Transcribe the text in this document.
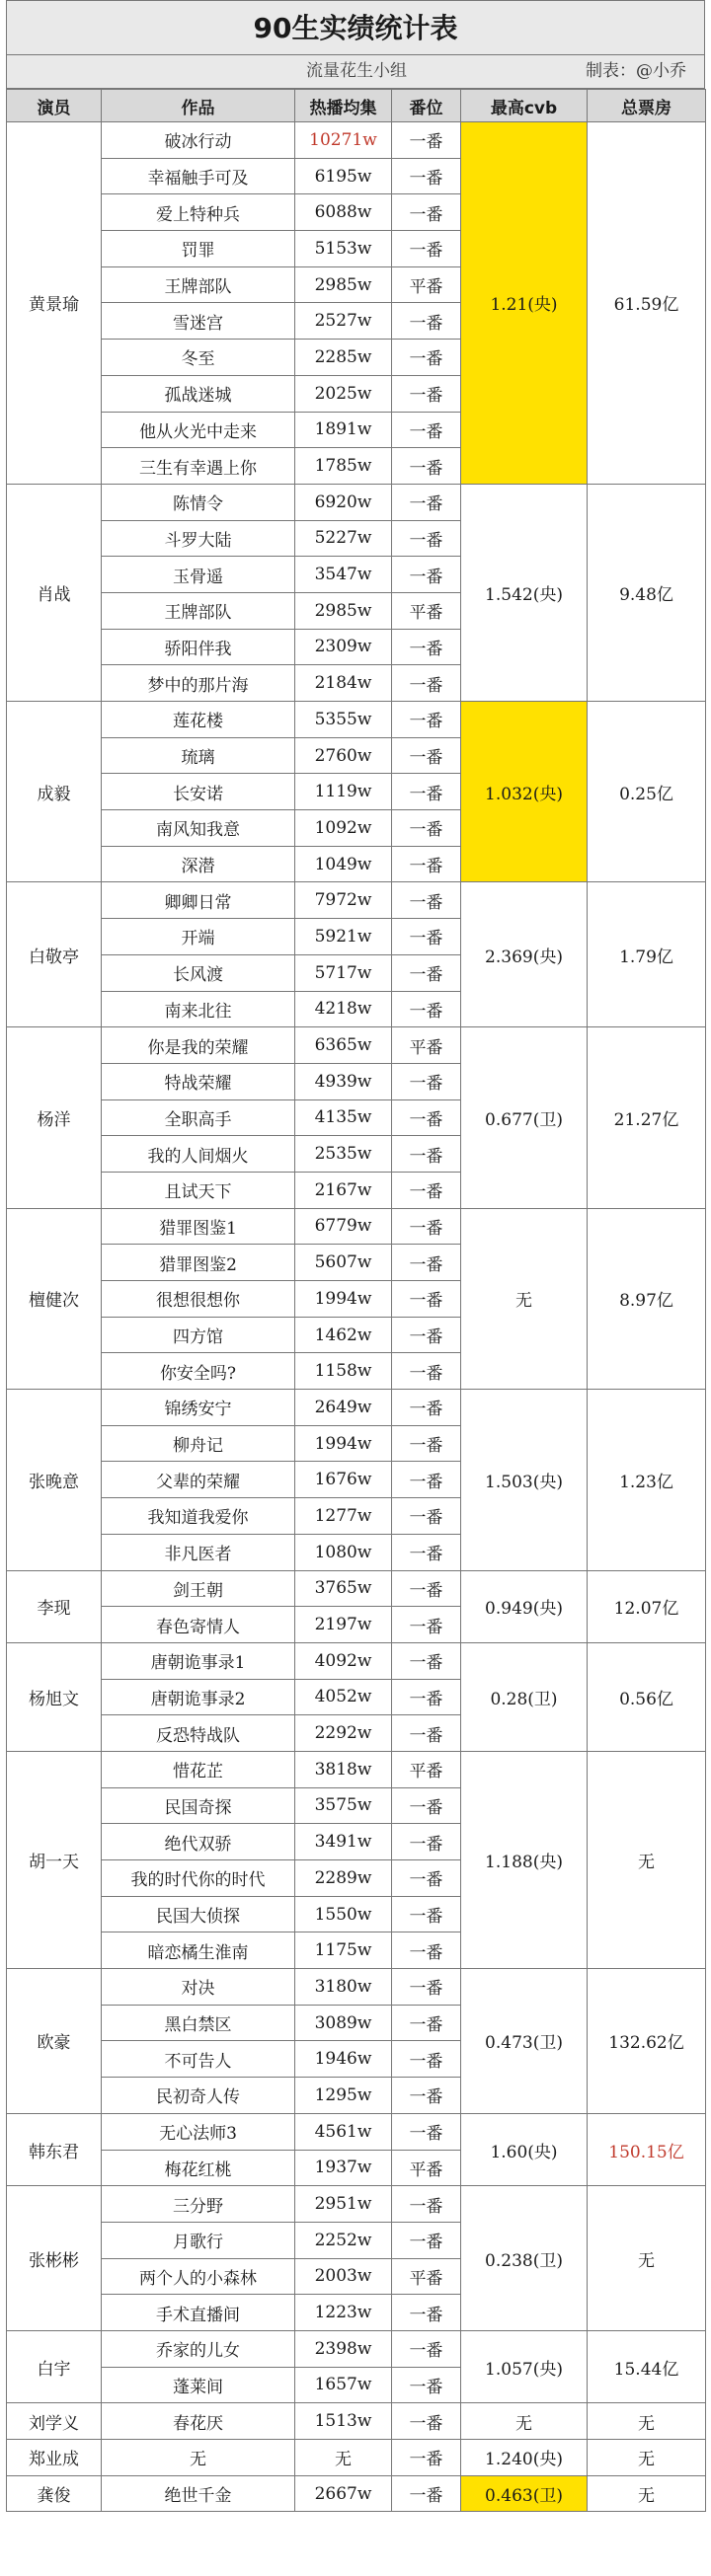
90生实绩统计表
流量花生小组	制表：@小乔
演员	作品	热播均集	番位	最高cvb	总票房
黄景瑜	破冰行动	10271w	一番	1.21(央)	61.59亿
	幸福触手可及	6195w	一番		
	爱上特种兵	6088w	一番		
	罚罪	5153w	一番		
	王牌部队	2985w	平番		
	雪迷宫	2527w	一番		
	冬至	2285w	一番		
	孤战迷城	2025w	一番		
	他从火光中走来	1891w	一番		
	三生有幸遇上你	1785w	一番		
肖战	陈情令	6920w	一番	1.542(央)	9.48亿
	斗罗大陆	5227w	一番		
	玉骨遥	3547w	一番		
	王牌部队	2985w	平番		
	骄阳伴我	2309w	一番		
	梦中的那片海	2184w	一番		
成毅	莲花楼	5355w	一番	1.032(央)	0.25亿
	琉璃	2760w	一番		
	长安诺	1119w	一番		
	南风知我意	1092w	一番		
	深潜	1049w	一番		
白敬亭	卿卿日常	7972w	一番	2.369(央)	1.79亿
	开端	5921w	一番		
	长风渡	5717w	一番		
	南来北往	4218w	一番		
杨洋	你是我的荣耀	6365w	平番	0.677(卫)	21.27亿
	特战荣耀	4939w	一番		
	全职高手	4135w	一番		
	我的人间烟火	2535w	一番		
	且试天下	2167w	一番		
檀健次	猎罪图鉴1	6779w	一番	无	8.97亿
	猎罪图鉴2	5607w	一番		
	很想很想你	1994w	一番		
	四方馆	1462w	一番		
	你安全吗?	1158w	一番		
张晚意	锦绣安宁	2649w	一番	1.503(央)	1.23亿
	柳舟记	1994w	一番		
	父辈的荣耀	1676w	一番		
	我知道我爱你	1277w	一番		
	非凡医者	1080w	一番		
李现	剑王朝	3765w	一番	0.949(央)	12.07亿
	春色寄情人	2197w	一番		
杨旭文	唐朝诡事录1	4092w	一番	0.28(卫)	0.56亿
	唐朝诡事录2	4052w	一番		
	反恐特战队	2292w	一番		
胡一天	惜花芷	3818w	平番	1.188(央)	无
	民国奇探	3575w	一番		
	绝代双骄	3491w	一番		
	我的时代你的时代	2289w	一番		
	民国大侦探	1550w	一番		
	暗恋橘生淮南	1175w	一番		
欧豪	对决	3180w	一番	0.473(卫)	132.62亿
	黑白禁区	3089w	一番		
	不可告人	1946w	一番		
	民初奇人传	1295w	一番		
韩东君	无心法师3	4561w	一番	1.60(央)	150.15亿
	梅花红桃	1937w	平番		
张彬彬	三分野	2951w	一番	0.238(卫)	无
	月歌行	2252w	一番		
	两个人的小森林	2003w	平番		
	手术直播间	1223w	一番		
白宇	乔家的儿女	2398w	一番	1.057(央)	15.44亿
	蓬莱间	1657w	一番		
刘学义	春花厌	1513w	一番	无	无
郑业成	无	无	一番	1.240(央)	无
龚俊	绝世千金	2667w	一番	0.463(卫)	无
